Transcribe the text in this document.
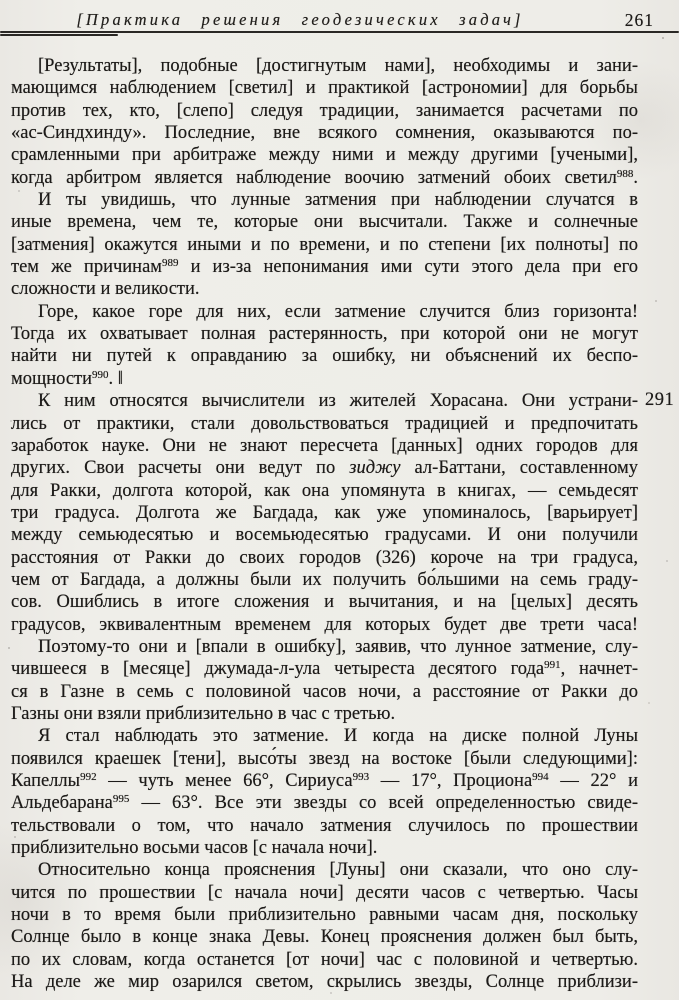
[Практика решения геодезических задач]	261

[Результаты], подобные [достигнутым нами], необходимы и зани-
мающимся наблюдением [светил] и практикой [астрономии] для борьбы
против тех, кто, [слепо] следуя традиции, занимается расчетами по
«ас-Синдхинду». Последние, вне всякого сомнения, оказываются по-
срамленными при арбитраже между ними и между другими [учеными],
когда арбитром является наблюдение воочию затмений обоих светил$^{988}$.

И ты увидишь, что лунные затмения при наблюдении случатся в
иные времена, чем те, которые они высчитали. Также и солнечные
[затмения] окажутся иными и по времени, и по степени [их полноты] по
тем же причинам$^{989}$ и из-за непонимания ими сути этого дела при его
сложности и великости.

Горе, какое горе для них, если затмение случится близ горизонта!
Тогда их охватывает полная растерянность, при которой они не могут
найти ни путей к оправданию за ошибку, ни объяснений их беспо-
мощности$^{990}$. ‖

К ним относятся вычислители из жителей Хорасана. Они устрани-
лись от практики, стали довольствоваться традицией и предпочитать
заработок науке. Они не знают пересчета [данных] одних городов для
других. Свои расчеты они ведут по зиджу ал-Баттани, составленному
для Ракки, долгота которой, как она упомянута в книгах, — семьдесят
три градуса. Долгота же Багдада, как уже упоминалось, [варьирует]
между семьюдесятью и восемьюдесятью градусами. И они получили
расстояния от Ракки до своих городов (326) короче на три градуса,
чем от Багдада, а должны были их получить бо́льшими на семь граду-
сов. Ошиблись в итоге сложения и вычитания, и на [целых] десять
градусов, эквивалентным временем для которых будет две трети часа!

Поэтому-то они и [впали в ошибку], заявив, что лунное затмение, слу-
чившееся в [месяце] джумада-л-ула четыреста десятого года$^{991}$, начнет-
ся в Газне в семь с половиной часов ночи, а расстояние от Ракки до
Газны они взяли приблизительно в час с третью.

Я стал наблюдать это затмение. И когда на диске полной Луны
появился краешек [тени], высо́ты звезд на востоке [были следующими]:
Капеллы$^{992}$ — чуть менее 66°, Сириуса$^{993}$ — 17°, Проциона$^{994}$ — 22° и
Альдебарана$^{995}$ — 63°. Все эти звезды со всей определенностью свиде-
тельствовали о том, что начало затмения случилось по прошествии
приблизительно восьми часов [с начала ночи].

Относительно конца прояснения [Луны] они сказали, что оно слу-
чится по прошествии [с начала ночи] десяти часов с четвертью. Часы
ночи в то время были приблизительно равными часам дня, поскольку
Солнце было в конце знака Девы. Конец прояснения должен был быть,
по их словам, когда останется [от ночи] час с половиной и четвертью.
На деле же мир озарился светом, скрылись звезды, Солнце приблизи-

291
